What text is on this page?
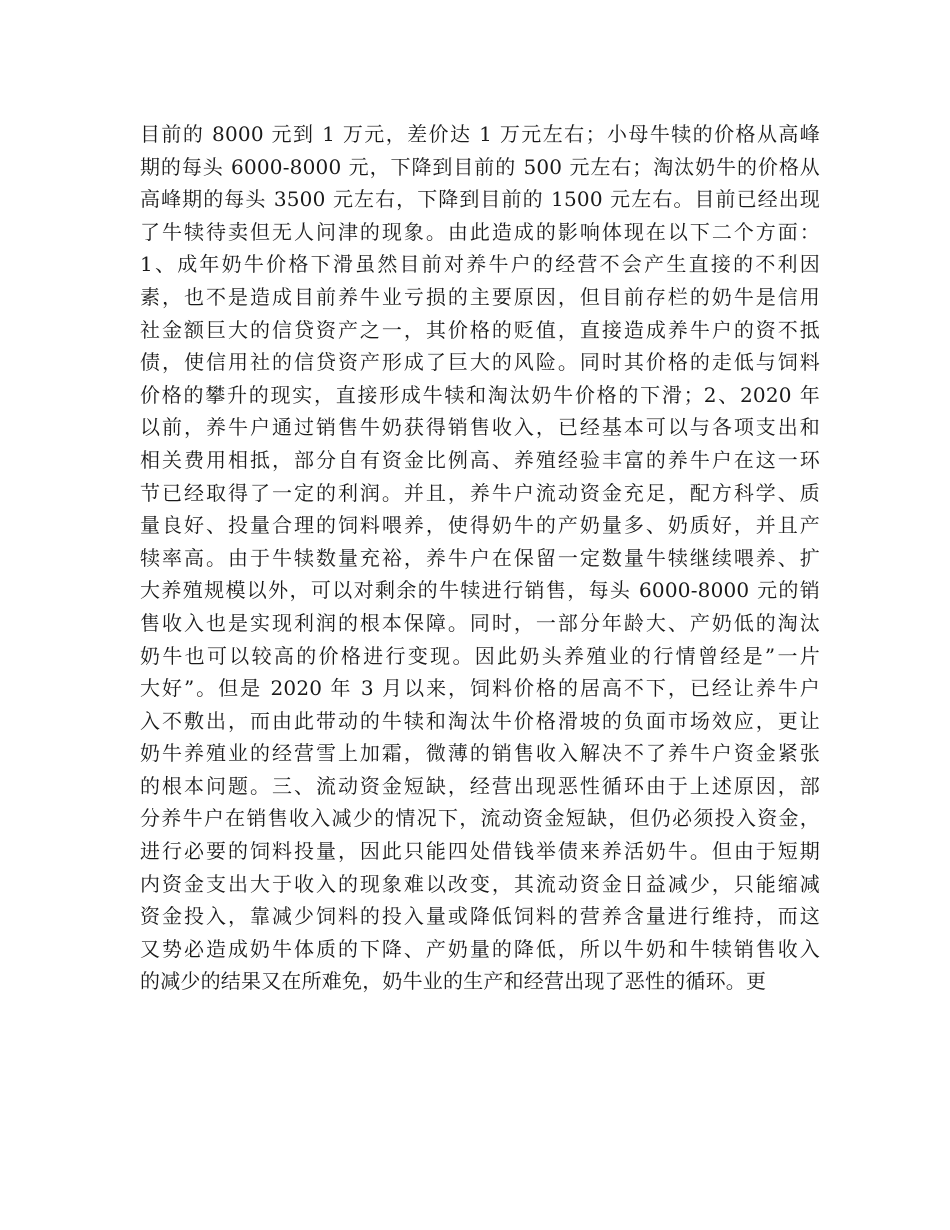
目前的 8000 元到 1 万元，差价达 1 万元左右；小母牛犊的价格从高峰
期的每头 6000-8000 元，下降到目前的 500 元左右；淘汰奶牛的价格从
高峰期的每头 3500 元左右，下降到目前的 1500 元左右。目前已经出现
了牛犊待卖但无人问津的现象。由此造成的影响体现在以下二个方面：
1、成年奶牛价格下滑虽然目前对养牛户的经营不会产生直接的不利因
素，也不是造成目前养牛业亏损的主要原因，但目前存栏的奶牛是信用
社金额巨大的信贷资产之一，其价格的贬值，直接造成养牛户的资不抵
债，使信用社的信贷资产形成了巨大的风险。同时其价格的走低与饲料
价格的攀升的现实，直接形成牛犊和淘汰奶牛价格的下滑；2、2020 年
以前，养牛户通过销售牛奶获得销售收入，已经基本可以与各项支出和
相关费用相抵，部分自有资金比例高、养殖经验丰富的养牛户在这一环
节已经取得了一定的利润。并且，养牛户流动资金充足，配方科学、质
量良好、投量合理的饲料喂养，使得奶牛的产奶量多、奶质好，并且产
犊率高。由于牛犊数量充裕，养牛户在保留一定数量牛犊继续喂养、扩
大养殖规模以外，可以对剩余的牛犊进行销售，每头 6000-8000 元的销
售收入也是实现利润的根本保障。同时，一部分年龄大、产奶低的淘汰
奶牛也可以较高的价格进行变现。因此奶头养殖业的行情曾经是”一片
大好”。但是 2020 年 3 月以来，饲料价格的居高不下，已经让养牛户
入不敷出，而由此带动的牛犊和淘汰牛价格滑坡的负面市场效应，更让
奶牛养殖业的经营雪上加霜，微薄的销售收入解决不了养牛户资金紧张
的根本问题。三、流动资金短缺，经营出现恶性循环由于上述原因，部
分养牛户在销售收入减少的情况下，流动资金短缺，但仍必须投入资金，
进行必要的饲料投量，因此只能四处借钱举债来养活奶牛。但由于短期
内资金支出大于收入的现象难以改变，其流动资金日益减少，只能缩减
资金投入，靠减少饲料的投入量或降低饲料的营养含量进行维持，而这
又势必造成奶牛体质的下降、产奶量的降低，所以牛奶和牛犊销售收入
的减少的结果又在所难免，奶牛业的生产和经营出现了恶性的循环。更
